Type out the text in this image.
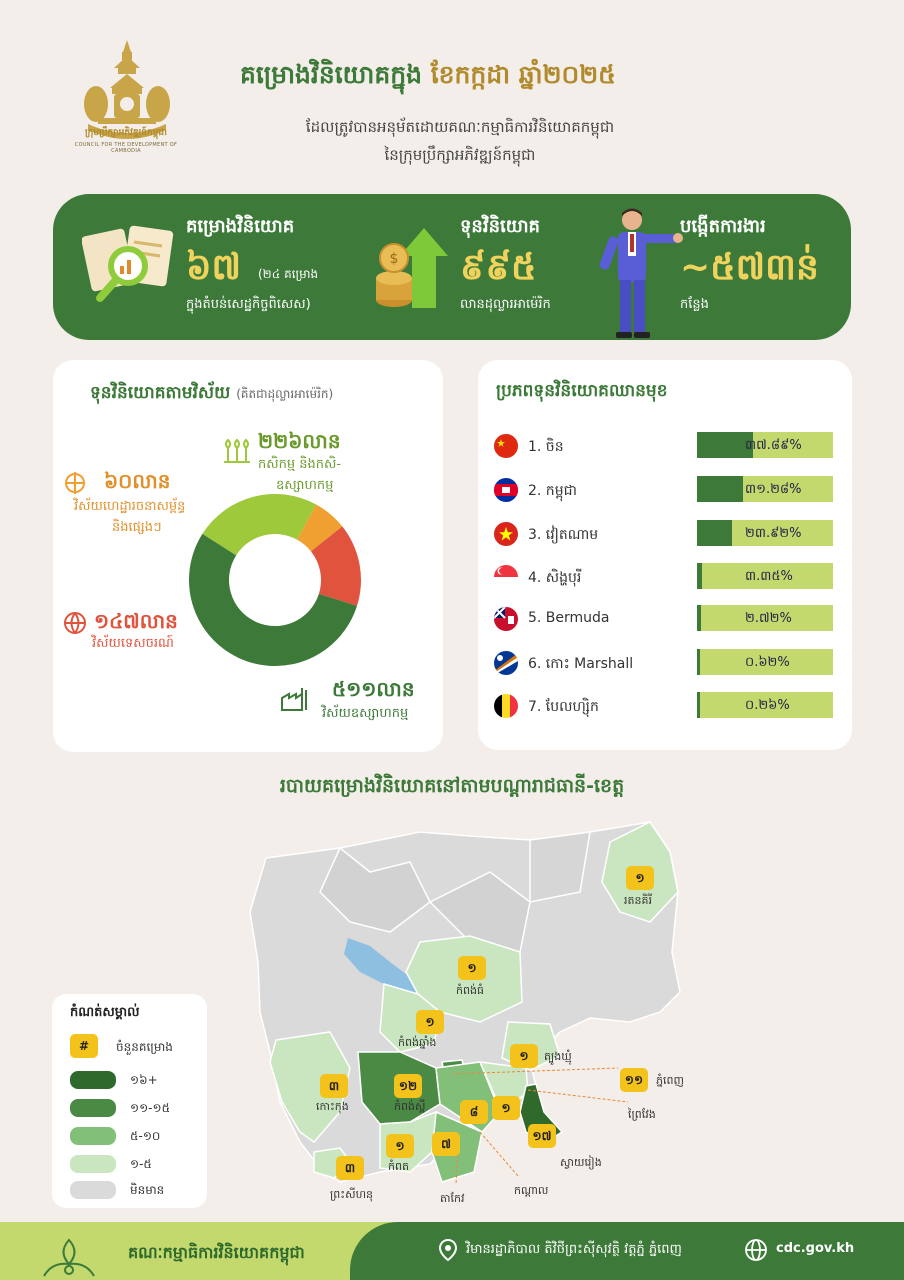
ក្រុមប្រឹក្សាអភិវឌ្ឍន៍កម្ពុជា
COUNCIL FOR THE DEVELOPMENT OF CAMBODIA
គម្រោងវិនិយោគក្នុង ខែកក្កដា ឆ្នាំ២០២៥
ដែលត្រូវបានអនុម័តដោយគណៈកម្មាធិការវិនិយោគកម្ពុជា
នៃក្រុមប្រឹក្សាអភិវឌ្ឍន៍កម្ពុជា
គម្រោងវិនិយោគ
៦៧ (២៤ គម្រោង
ក្នុងតំបន់សេដ្ឋកិច្ចពិសេស)
$
ទុនវិនិយោគ
៩៩៥
លានដុល្លារអាម៉េរិក
បង្កើតការងារ
~៥៧៣ន់
កន្លែង
ទុនវិនិយោគតាមវិស័យ (គិតជាដុល្លារអាម៉េរិក)
២២៦លាន
កសិកម្ម និងកសិ-
ឧស្សាហកម្ម
៦០លាន
វិស័យហេដ្ឋារចនាសម្ព័ន្ធ
និងផ្សេងៗ
១៤៧លាន
វិស័យទេសចរណ៍
៥១១លាន
វិស័យឧស្សាហកម្ម
ប្រភពទុនវិនិយោគឈានមុខ
1. ចិន	៣៧.៨៩%
2. កម្ពុជា	៣១.២៨%
3. វៀតណាម	២៣.៩២%
4. សិង្ហបុរី	៣.៣៥%
5. Bermuda	២.៧២%
6. កោះ Marshall	០.៦២%
7. បែលហ្ស៊ិក	០.២៦%
របាយគម្រោងវិនិយោគនៅតាមបណ្ដារាជធានី-ខេត្ត
១
រតនគិរី
១
កំពង់ធំ
១
កំពង់ឆ្នាំង
១	ត្បូងឃ្មុំ
៣
កោះកុង
១២
កំពង់ស្ពឺ
១១	ភ្នំពេញ
១	ព្រៃវែង
១៧
ស្វាយរៀង
៨
កណ្ដាល
៧
តាកែវ
១
កំពត
៣
ព្រះសីហនុ
កំណត់សម្គាល់
#	ចំនួនគម្រោង
១៦+
១១-១៥
៥-១០
១-៥
មិនមាន
គណៈកម្មាធិការវិនិយោគកម្ពុជា	វិមានរដ្ឋាភិបាល តិវិថីព្រះស៊ីសុវត្ថិ វត្តភ្នំ ភ្នំពេញ	cdc.gov.kh
